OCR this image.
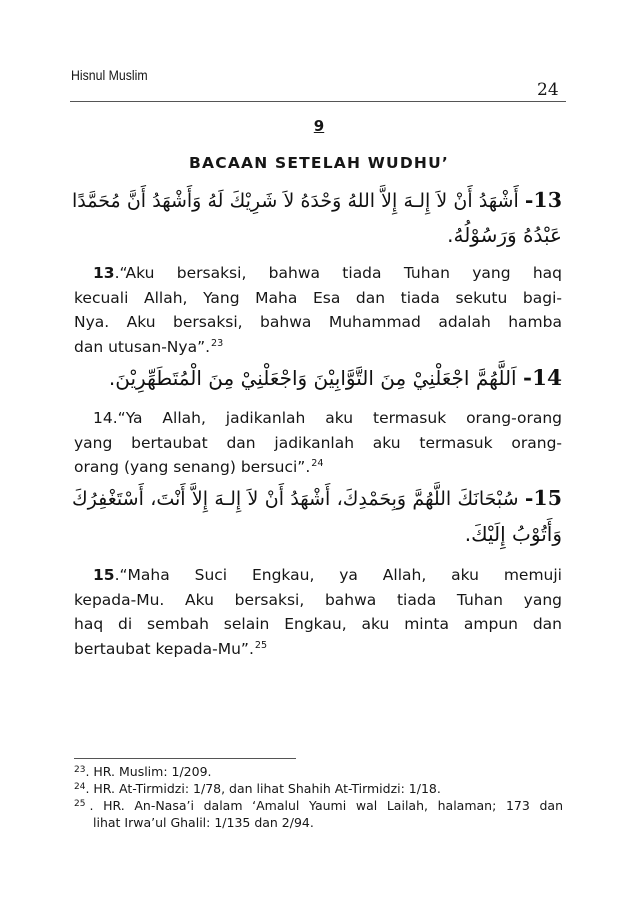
Hisnul Muslim
24
9
BACAAN SETELAH WUDHU’
-13 أَشْهَدُ أَنْ لاَ إِلـهَ إِلاَّ اللهُ وَحْدَهُ لاَ شَرِيْكَ لَهُ وَأَشْهَدُ أَنَّ مُحَمَّدًا
عَبْدُهُ وَرَسُوْلُهُ.
13.“Aku bersaksi, bahwa tiada Tuhan yang haq
kecuali Allah, Yang Maha Esa dan tiada sekutu bagi-
Nya. Aku bersaksi, bahwa Muhammad adalah hamba
dan utusan-Nya”.$^{23}$
-14 اَللَّهُمَّ اجْعَلْنِيْ مِنَ التَّوَّابِيْنَ وَاجْعَلْنِيْ مِنَ الْمُتَطَهِّرِيْنَ.
14.“Ya Allah, jadikanlah aku termasuk orang-orang
yang bertaubat dan jadikanlah aku termasuk orang-
orang (yang senang) bersuci”.$^{24}$
-15 سُبْحَانَكَ اللَّهُمَّ وَبِحَمْدِكَ، أَشْهَدُ أَنْ لاَ إِلـهَ إِلاَّ أَنْتَ، أَسْتَغْفِرُكَ
وَأَتُوْبُ إِلَيْكَ.
15.“Maha Suci Engkau, ya Allah, aku memuji
kepada-Mu. Aku bersaksi, bahwa tiada Tuhan yang
haq di sembah selain Engkau, aku minta ampun dan
bertaubat kepada-Mu”.$^{25}$
$^{23}$. HR. Muslim: 1/209.
$^{24}$. HR. At-Tirmidzi: 1/78, dan lihat Shahih At-Tirmidzi: 1/18.
$^{25}$ . HR. An-Nasa’i dalam ‘Amalul Yaumi wal Lailah, halaman; 173 dan
lihat Irwa’ul Ghalil: 1/135 dan 2/94.
